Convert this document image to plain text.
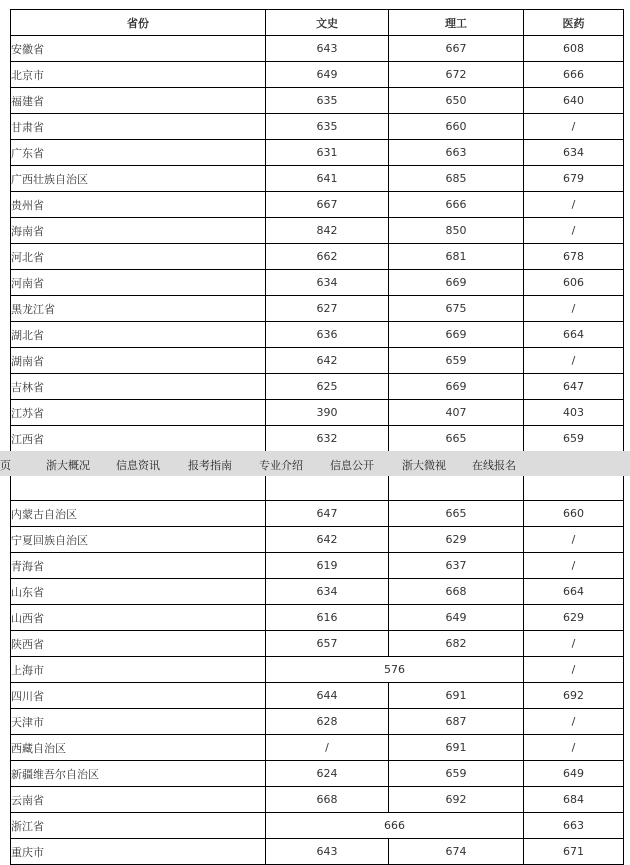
省份	文史	理工	医药
安徽省	643	667	608
北京市	649	672	666
福建省	635	650	640
甘肃省	635	660	/
广东省	631	663	634
广西壮族自治区	641	685	679
贵州省	667	666	/
海南省	842	850	/
河北省	662	681	678
河南省	634	669	606
黑龙江省	627	675	/
湖北省	636	669	664
湖南省	642	659	/
吉林省	625	669	647
江苏省	390	407	403
江西省	632	665	659
页	浙大概况 信息资讯	报考指南 专业介绍 信息公开	浙大微视 在线报名

内蒙古自治区	647	665	660
宁夏回族自治区	642	629	/
青海省	619	637	/
山东省	634	668	664
山西省	616	649	629
陕西省	657	682	/
上海市	576		/
四川省	644	691	692
天津市	628	687	/
西藏自治区	/	691	/
新疆维吾尔自治区	624	659	649
云南省	668	692	684
浙江省	666		663
重庆市	643	674	671
